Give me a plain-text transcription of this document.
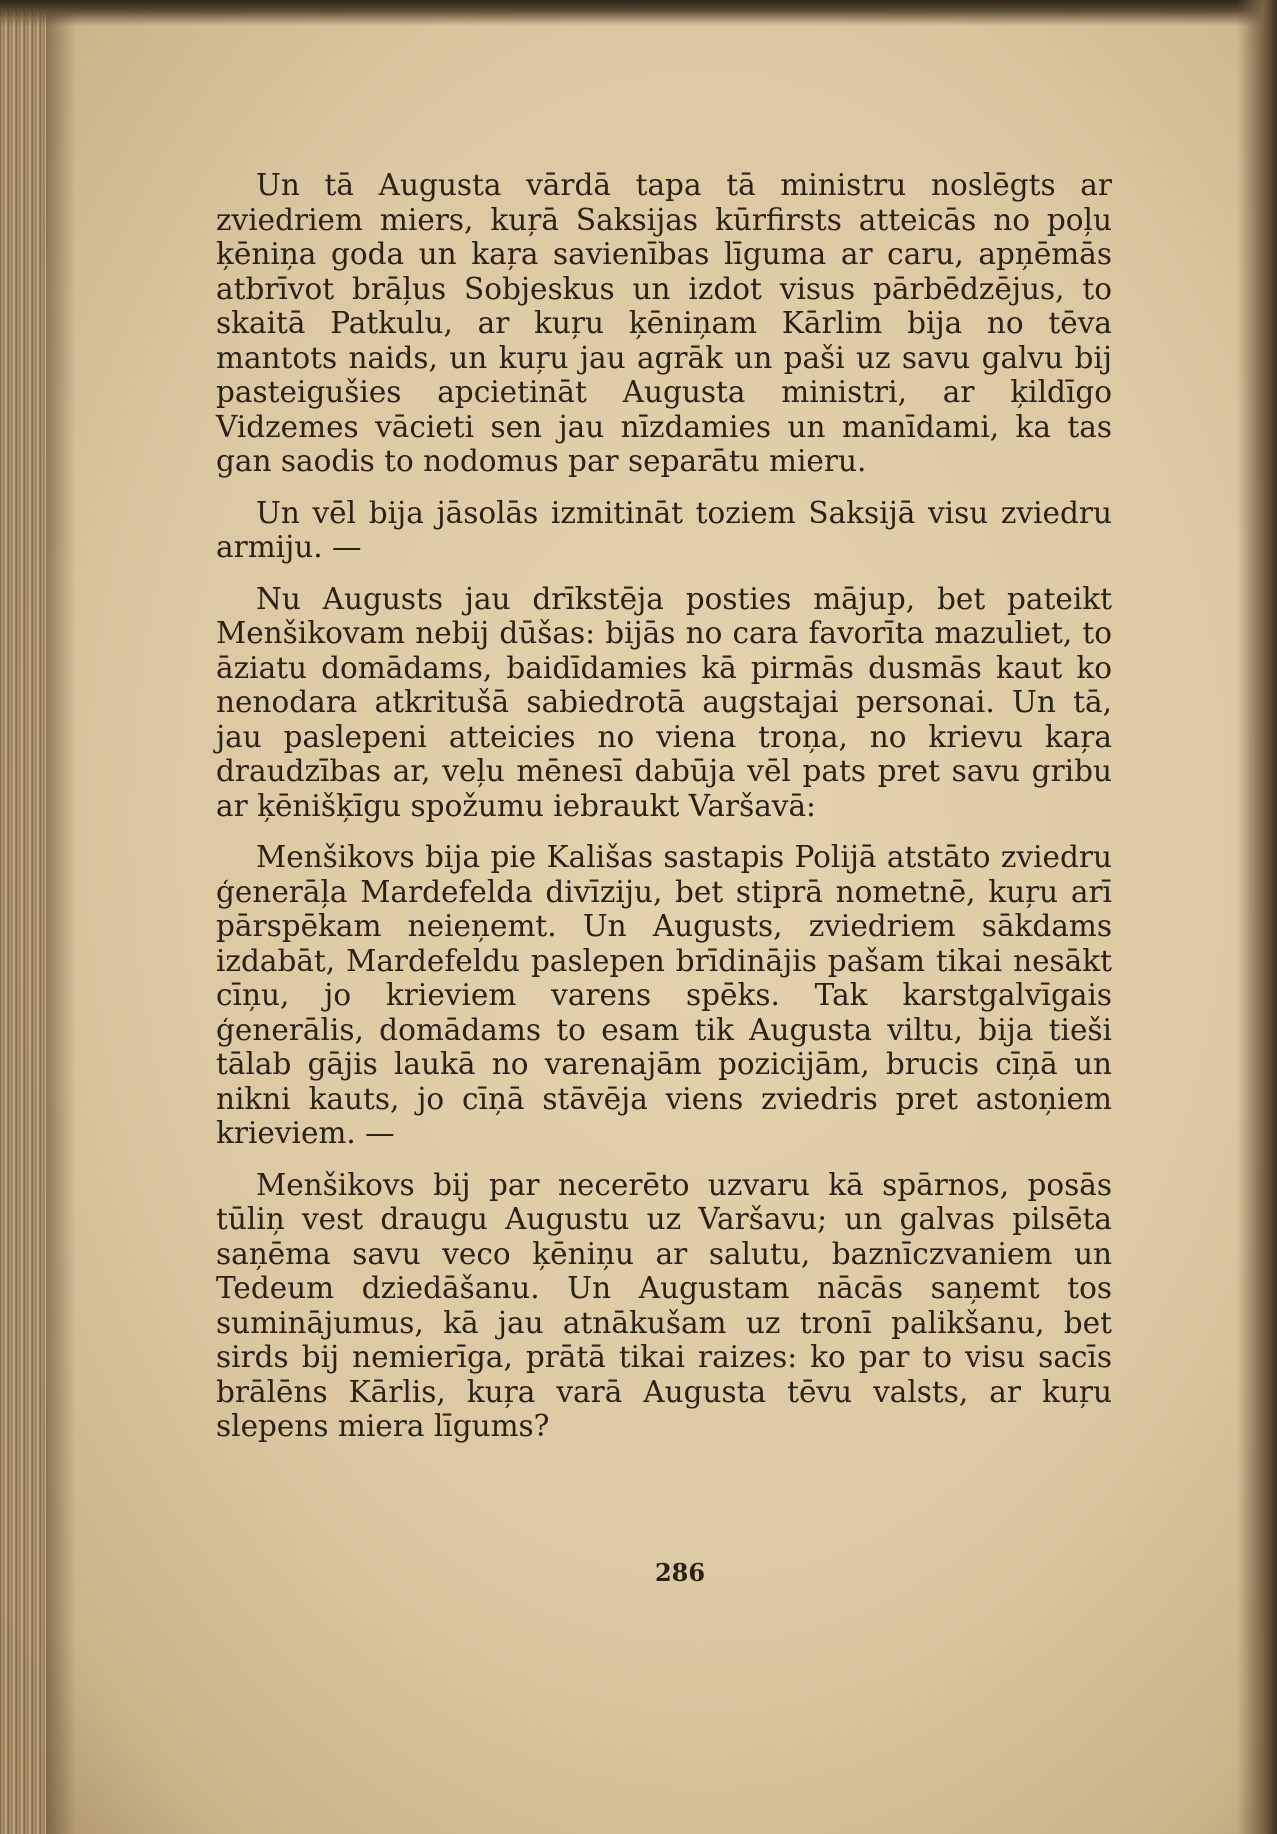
Un tā Augusta vārdā tapa tā ministru noslēgts ar zviedriem miers, kuŗā Saksijas kūrfirsts atteicās no poļu ķēniņa goda un kaŗa savienības līguma ar caru, apņēmās atbrīvot brāļus Sobjeskus un izdot visus pārbēdzējus, to skaitā Patkulu, ar kuŗu ķēniņam Kārlim bija no tēva mantots naids, un kuŗu jau agrāk un paši uz savu galvu bij pasteigušies apcietināt Augusta ministri, ar ķildīgo Vidzemes vācieti sen jau nīzdamies un manīdami, ka tas gan saodis to nodomus par separātu mieru.

Un vēl bija jāsolās izmitināt toziem Saksijā visu zviedru armiju. —

Nu Augusts jau drīkstēja posties mājup, bet pateikt Menšikovam nebij dūšas: bijās no cara favorīta mazuliet, to āziatu domādams, baidīdamies kā pirmās dusmās kaut ko nenodara atkritušā sabiedrotā augstajai personai. Un tā, jau paslepeni atteicies no viena troņa, no krievu kaŗa draudzības ar, veļu mēnesī dabūja vēl pats pret savu gribu ar ķēnišķīgu spožumu iebraukt Varšavā:

Menšikovs bija pie Kališas sastapis Polijā atstāto zviedru ģenerāļa Mardefelda divīziju, bet stiprā nometnē, kuŗu arī pārspēkam neieņemt. Un Augusts, zviedriem sākdams izdabāt, Mardefeldu paslepen brīdinājis pašam tikai nesākt cīņu, jo krieviem varens spēks. Tak karstgalvīgais ģenerālis, domādams to esam tik Augusta viltu, bija tieši tālab gājis laukā no varenajām pozicijām, brucis cīņā un nikni kauts, jo cīņā stāvēja viens zviedris pret astoņiem krieviem. —

Menšikovs bij par necerēto uzvaru kā spārnos, posās tūliņ vest draugu Augustu uz Varšavu; un galvas pilsēta saņēma savu veco ķēniņu ar salutu, baznīczvaniem un Tedeum dziedāšanu. Un Augustam nācās saņemt tos suminājumus, kā jau atnākušam uz tronī palikšanu, bet sirds bij nemierīga, prātā tikai raizes: ko par to visu sacīs brālēns Kārlis, kuŗa varā Augusta tēvu valsts, ar kuŗu slepens miera līgums?

286
